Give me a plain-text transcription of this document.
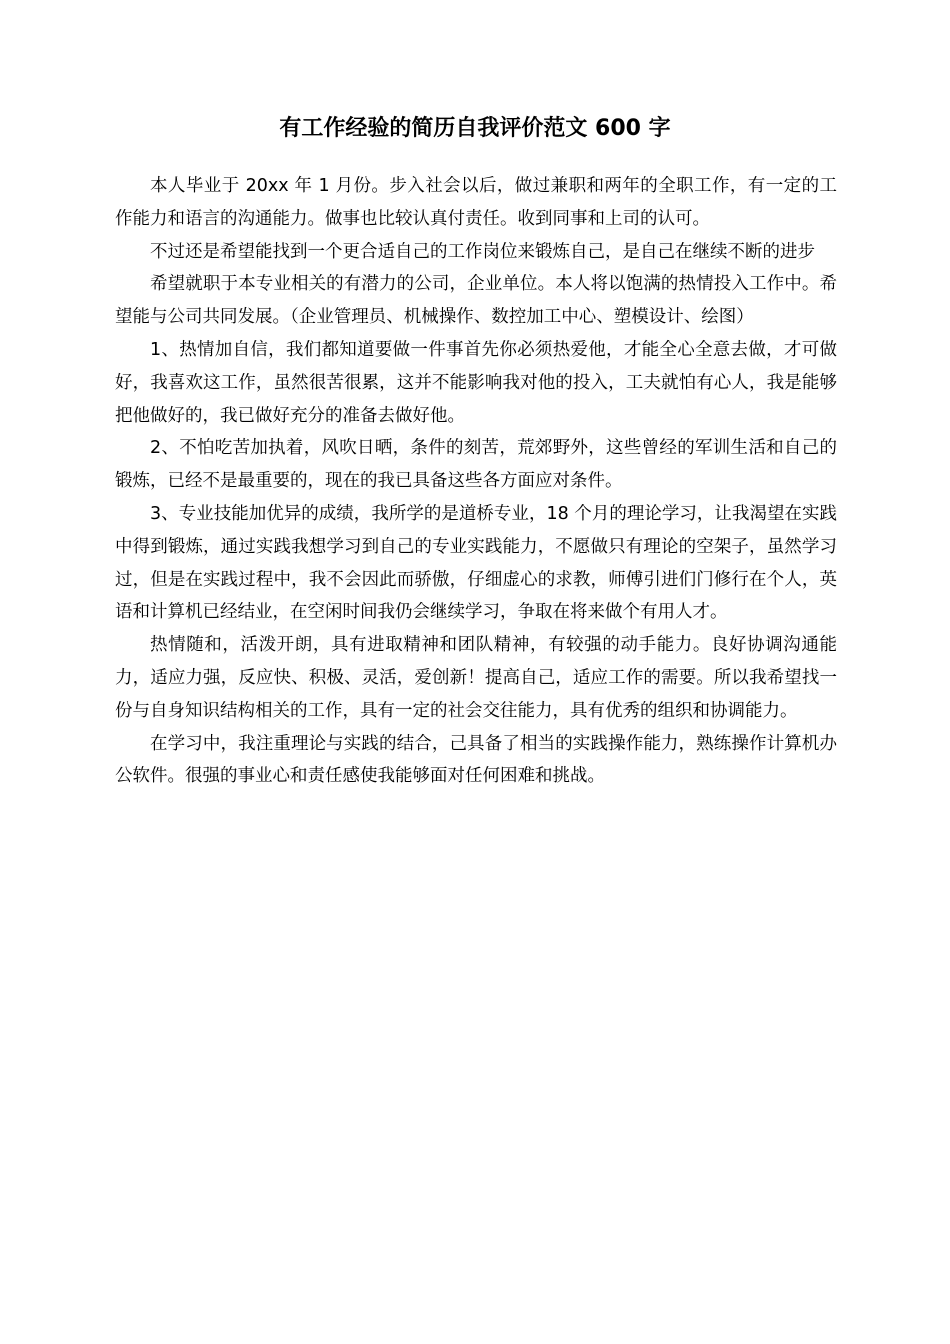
有工作经验的简历自我评价范文 600 字

本人毕业于 20xx 年 1 月份。步入社会以后，做过兼职和两年的全职工作，有一定的工作能力和语言的沟通能力。做事也比较认真付责任。收到同事和上司的认可。

不过还是希望能找到一个更合适自己的工作岗位来锻炼自己，是自己在继续不断的进步

希望就职于本专业相关的有潜力的公司，企业单位。本人将以饱满的热情投入工作中。希望能与公司共同发展。（企业管理员、机械操作、数控加工中心、塑模设计、绘图）

1、热情加自信，我们都知道要做一件事首先你必须热爱他，才能全心全意去做，才可做好，我喜欢这工作，虽然很苦很累，这并不能影响我对他的投入，工夫就怕有心人，我是能够把他做好的，我已做好充分的准备去做好他。

2、不怕吃苦加执着，风吹日晒，条件的刻苦，荒郊野外，这些曾经的军训生活和自己的锻炼，已经不是最重要的，现在的我已具备这些各方面应对条件。

3、专业技能加优异的成绩，我所学的是道桥专业，18 个月的理论学习，让我渴望在实践中得到锻炼，通过实践我想学习到自己的专业实践能力，不愿做只有理论的空架子，虽然学习过，但是在实践过程中，我不会因此而骄傲，仔细虚心的求教，师傅引进们门修行在个人，英语和计算机已经结业，在空闲时间我仍会继续学习，争取在将来做个有用人才。

热情随和，活泼开朗，具有进取精神和团队精神，有较强的动手能力。良好协调沟通能力，适应力强，反应快、积极、灵活，爱创新！提高自己，适应工作的需要。所以我希望找一份与自身知识结构相关的工作，具有一定的社会交往能力，具有优秀的组织和协调能力。

在学习中，我注重理论与实践的结合，己具备了相当的实践操作能力，熟练操作计算机办公软件。很强的事业心和责任感使我能够面对任何困难和挑战。
